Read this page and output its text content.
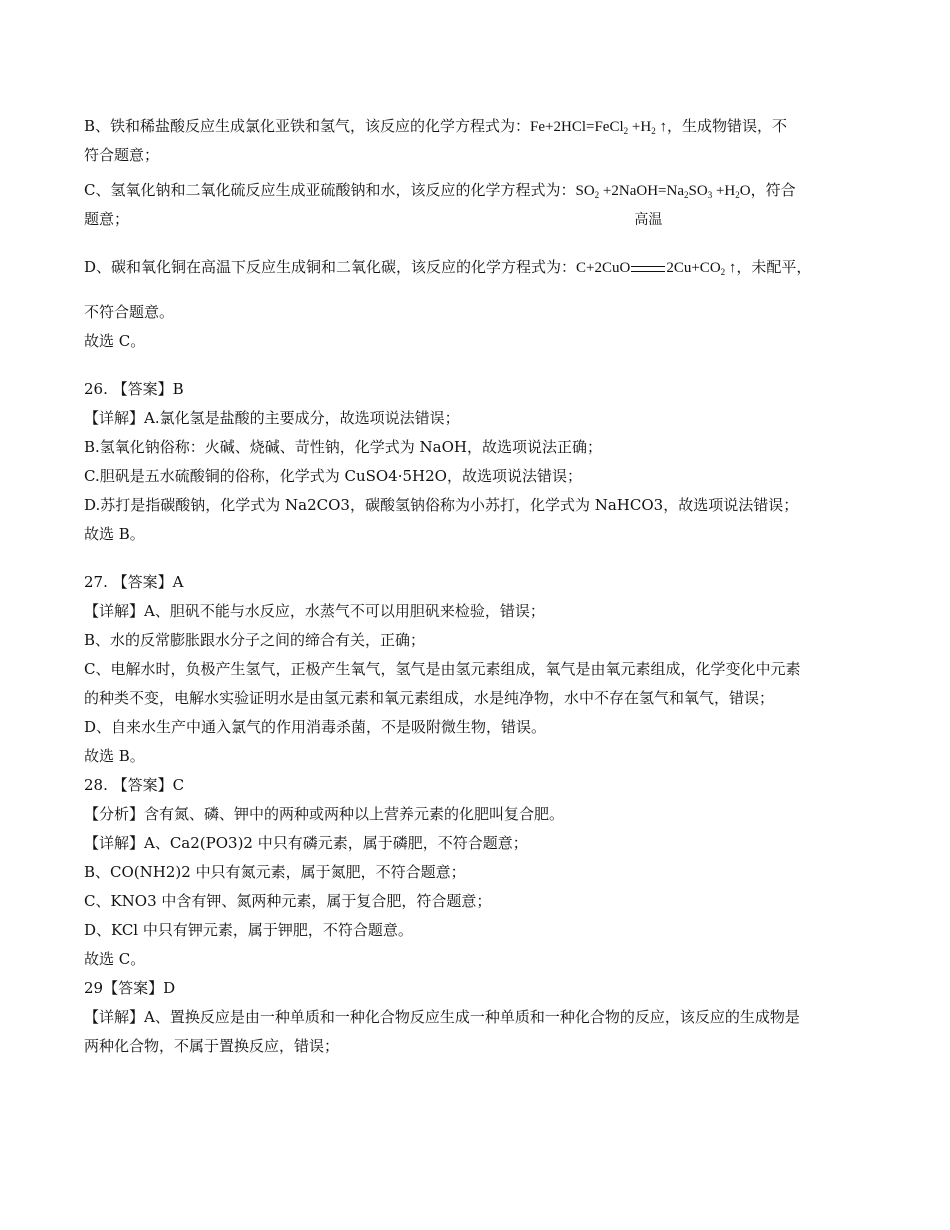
B、铁和稀盐酸反应生成氯化亚铁和氢气，该反应的化学方程式为：Fe+2HCl=FeCl$_2$ $+H_2$ ↑，生成物错误，不
符合题意；
C、氢氧化钠和二氧化硫反应生成亚硫酸钠和水，该反应的化学方程式为：$SO_2$ $+2NaOH=Na_2SO_3 +H_2O$，符合
题意；
D、碳和氧化铜在高温下反应生成铜和二氧化碳，该反应的化学方程式为：C+2CuO
高温
$2Cu+CO_2$ ↑，未配平，
不符合题意。
故选 C。
26. 【答案】B
【详解】A.氯化氢是盐酸的主要成分，故选项说法错误；
B.氢氧化钠俗称：火碱、烧碱、苛性钠，化学式为 NaOH，故选项说法正确；
C.胆矾是五水硫酸铜的俗称，化学式为 CuSO4·5H2O，故选项说法错误；
D.苏打是指碳酸钠，化学式为 Na2CO3，碳酸氢钠俗称为小苏打，化学式为 NaHCO3，故选项说法错误；
故选 B。
27. 【答案】A
【详解】A、胆矾不能与水反应，水蒸气不可以用胆矾来检验，错误；
B、水的反常膨胀跟水分子之间的缔合有关，正确；
C、电解水时，负极产生氢气，正极产生氧气，氢气是由氢元素组成，氧气是由氧元素组成，化学变化中元素
的种类不变，电解水实验证明水是由氢元素和氧元素组成，水是纯净物，水中不存在氢气和氧气，错误；
D、自来水生产中通入氯气的作用消毒杀菌，不是吸附微生物，错误。
故选 B。
28. 【答案】C
【分析】含有氮、磷、钾中的两种或两种以上营养元素的化肥叫复合肥。
【详解】A、Ca2(PO3)2 中只有磷元素，属于磷肥，不符合题意；
B、CO(NH2)2 中只有氮元素，属于氮肥，不符合题意；
C、KNO3 中含有钾、氮两种元素，属于复合肥，符合题意；
D、KCl 中只有钾元素，属于钾肥，不符合题意。
故选 C。
29【答案】D
【详解】A、置换反应是由一种单质和一种化合物反应生成一种单质和一种化合物的反应，该反应的生成物是
两种化合物，不属于置换反应，错误；
